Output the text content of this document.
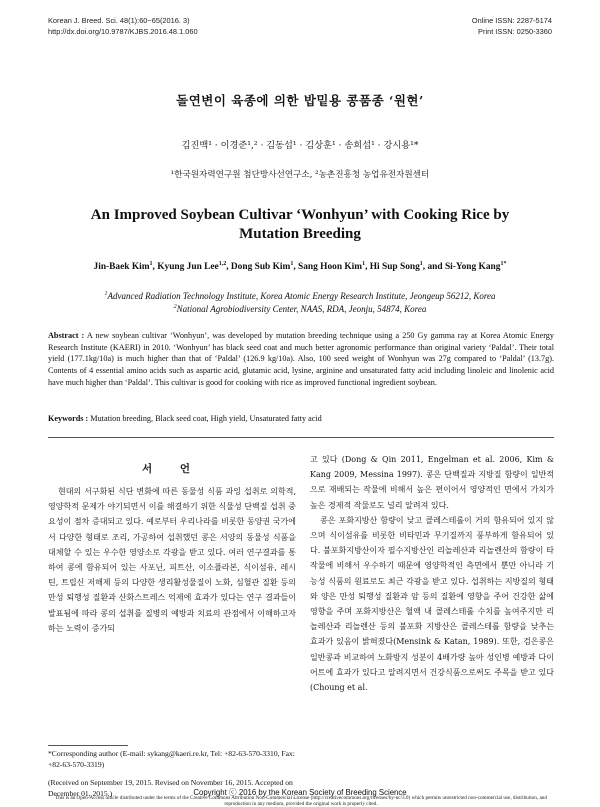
Korean J. Breed. Sci. 48(1):60~65(2016. 3)
http://dx.doi.org/10.9787/KJBS.2016.48.1.060
Online ISSN: 2287-5174
Print ISSN: 0250-3360
돌연변이 육종에 의한 밥밑용 콩품종 ‘원현’
김진백¹ · 이경준¹,² · 김동섭¹ · 김상훈¹ · 송희섭¹ · 강시용¹*
¹한국원자력연구원 첨단방사선연구소, ²농촌진흥청 농업유전자원센터
An Improved Soybean Cultivar ‘Wonhyun’ with Cooking Rice by Mutation Breeding
Jin-Baek Kim$^1$, Kyung Jun Lee$^{1,2}$, Dong Sub Kim$^1$, Sang Hoon Kim$^1$, Hi Sup Song$^1$, and Si-Yong Kang$^{1*}$
$^1$Advanced Radiation Technology Institute, Korea Atomic Energy Research Institute, Jeongeup 56212, Korea
$^2$National Agrobiodiversity Center, NAAS, RDA, Jeonju, 54874, Korea
Abstract : A new soybean cultivar ‘Wonhyun’, was developed by mutation breeding technique using a 250 Gy gamma ray at Korea Atomic Energy Research Institute (KAERI) in 2010. ‘Wonhyun’ has black seed coat and much better agronomic performance than original variety ‘Paldal’. Their total yield (177.1kg/10a) is much higher than that of ‘Paldal’ (126.9 kg/10a). Also, 100 seed weight of Wonhyun was 27g compared to ‘Paldal’ (13.7g). Contents of 4 essential amino acids such as aspartic acid, glutamic acid, lysine, arginine and unsaturated fatty acid including linoleic and linolenic acid have much higher than ‘Paldal’. This cultivar is good for cooking with rice as improved functional ingredient soybean.
Keywords : Mutation breeding, Black seed coat, High yield, Unsaturated fatty acid
서 언

현대의 서구화된 식단 변화에 따른 동물성 식품 과잉 섭취로 의학적, 영양학적 문제가 야기되면서 이를 해결하기 위한 식물성 단백질 섭취 중요성이 점차 증대되고 있다. 예로부터 우리나라를 비롯한 동양권 국가에서 다양한 형태로 조리, 가공하여 섭취했던 콩은 서양의 동물성 식품을 대체할 수 있는 우수한 영양소로 각광을 받고 있다. 여러 연구결과를 통하여 콩에 함유되어 있는 사포닌, 피트산, 이소플라본, 식이섬유, 레시틴, 트립신 저해제 등의 다양한 생리활성물질이 노화, 심혈관 질환 등의 만성 퇴행성 질환과 산화스트레스 억제에 효과가 있다는 연구 결과들이 발표됨에 따라 콩의 섭취를 질병의 예방과 치료의 관점에서 이해하고자 하는 노력이 증가되

고 있다 (Dong & Qin 2011, Engelman et al. 2006, Kim & Kang 2009, Messina 1997). 콩은 단백질과 지방질 함량이 일반적으로 재배되는 작물에 비해서 높은 편이어서 영양적인 면에서 가치가 높은 경제적 작물로도 널리 알려져 있다.

콩은 포화지방산 함량이 낮고 콜레스테롤이 거의 함유되어 있지 않으며 식이섬유를 비롯한 비타민과 무기질까지 풍부하게 함유되어 있다. 불포화지방산이자 필수지방산인 리놀레산과 리놀렌산의 함량이 타 작물에 비해서 우수하기 때문에 영양학적인 측면에서 뿐만 아니라 기능성 식품의 원료로도 최근 각광을 받고 있다. 섭취하는 지방질의 형태와 양은 만성 퇴행성 질환과 암 등의 질환에 영향을 주어 건강한 삶에 영향을 주며 포화지방산은 혈액 내 콜레스테롤 수치를 높여주지만 리놀레산과 리놀렌산 등의 불포화 지방산은 콜레스테롤 함량을 낮추는 효과가 있음이 밝혀졌다(Mensink & Katan, 1989). 또한, 검은콩은 일반콩과 비교하여 노화방지 성분이 4배가량 높아 성인병 예방과 다이어트에 효과가 있다고 알려지면서 건강식품으로써도 주목을 받고 있다(Choung et al.

*Corresponding author (E-mail: sykang@kaeri.re.kr, Tel: +82-63-570-3310, Fax: +82-63-570-3319)
(Received on September 19, 2015. Revised on November 16, 2015. Accepted on December 01, 2015.)	Copyright ⓒ 2016 by the Korean Society of Breeding Science
This is an Open-Access article distributed under the terms of the Creative Commons Attribution Non-Commercial License (http://creativecommons.org/licenses/by-nc/3.0) which permits unrestricted non-commercial use, distribution, and reproduction in any medium, provided the original work is properly cited.
